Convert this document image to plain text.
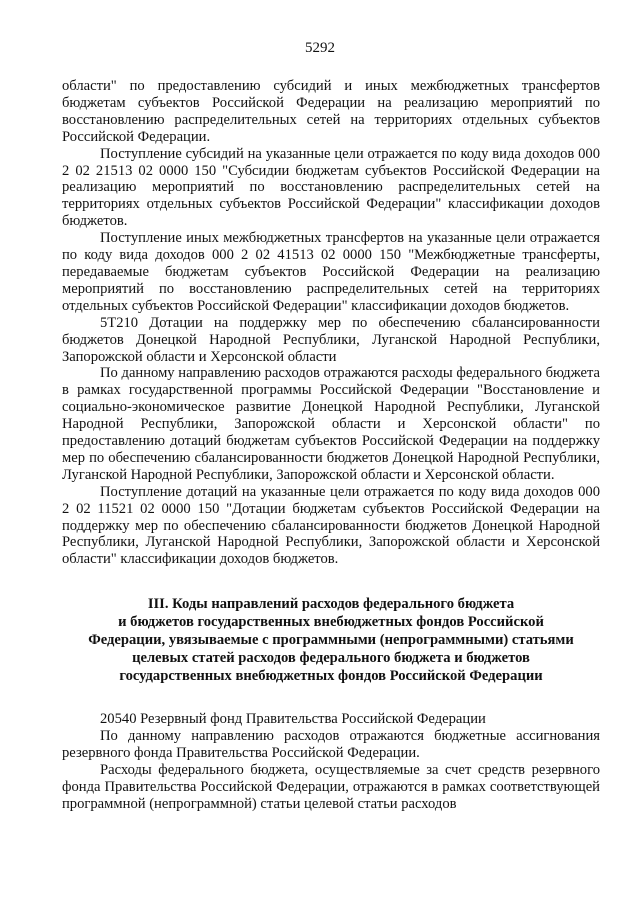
5292

области" по предоставлению субсидий и иных межбюджетных трансфертов бюджетам субъектов Российской Федерации на реализацию мероприятий по восстановлению распределительных сетей на территориях отдельных субъектов Российской Федерации.

Поступление субсидий на указанные цели отражается по коду вида доходов 000 2 02 21513 02 0000 150 "Субсидии бюджетам субъектов Российской Федерации на реализацию мероприятий по восстановлению распределительных сетей на территориях отдельных субъектов Российской Федерации" классификации доходов бюджетов.

Поступление иных межбюджетных трансфертов на указанные цели отражается по коду вида доходов 000 2 02 41513 02 0000 150 "Межбюджетные трансферты, передаваемые бюджетам субъектов Российской Федерации на реализацию мероприятий по восстановлению распределительных сетей на территориях отдельных субъектов Российской Федерации" классификации доходов бюджетов.

5Т210 Дотации на поддержку мер по обеспечению сбалансированности бюджетов Донецкой Народной Республики, Луганской Народной Республики, Запорожской области и Херсонской области

По данному направлению расходов отражаются расходы федерального бюджета в рамках государственной программы Российской Федерации "Восстановление и социально-экономическое развитие Донецкой Народной Республики, Луганской Народной Республики, Запорожской области и Херсонской области" по предоставлению дотаций бюджетам субъектов Российской Федерации на поддержку мер по обеспечению сбалансированности бюджетов Донецкой Народной Республики, Луганской Народной Республики, Запорожской области и Херсонской области.

Поступление дотаций на указанные цели отражается по коду вида доходов 000 2 02 11521 02 0000 150 "Дотации бюджетам субъектов Российской Федерации на поддержку мер по обеспечению сбалансированности бюджетов Донецкой Народной Республики, Луганской Народной Республики, Запорожской области и Херсонской области" классификации доходов бюджетов.

III. Коды направлений расходов федерального бюджета
и бюджетов государственных внебюджетных фондов Российской
Федерации, увязываемые с программными (непрограммными) статьями
целевых статей расходов федерального бюджета и бюджетов
государственных внебюджетных фондов Российской Федерации

20540 Резервный фонд Правительства Российской Федерации

По данному направлению расходов отражаются бюджетные ассигнования резервного фонда Правительства Российской Федерации.

Расходы федерального бюджета, осуществляемые за счет средств резервного фонда Правительства Российской Федерации, отражаются в рамках соответствующей программной (непрограммной) статьи целевой статьи расходов
